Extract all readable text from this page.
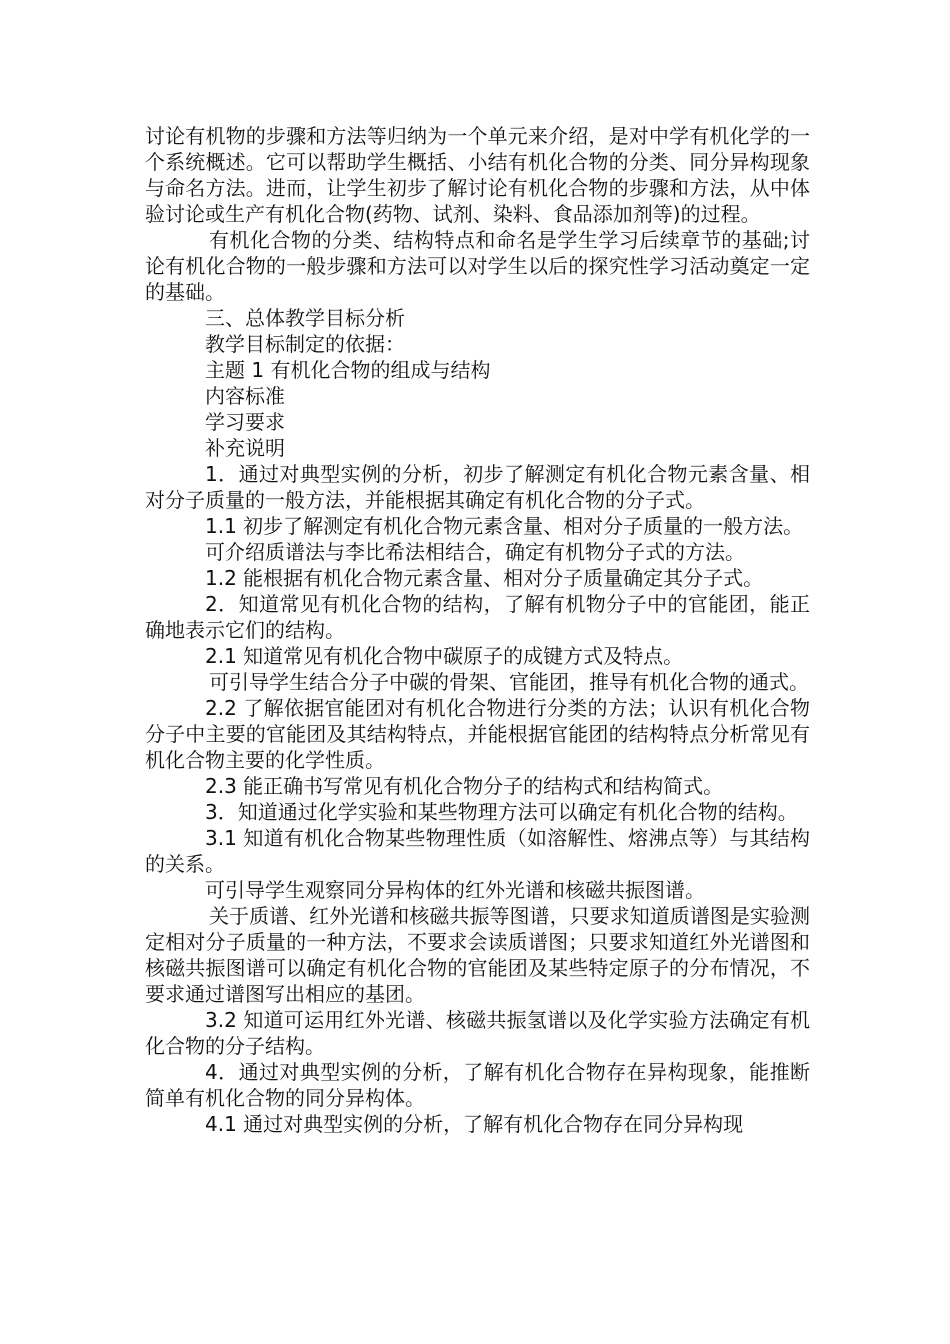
讨论有机物的步骤和方法等归纳为一个单元来介绍，是对中学有机化学的一个系统概述。它可以帮助学生概括、小结有机化合物的分类、同分异构现象与命名方法。进而，让学生初步了解讨论有机化合物的步骤和方法，从中体验讨论或生产有机化合物(药物、试剂、染料、食品添加剂等)的过程。

有机化合物的分类、结构特点和命名是学生学习后续章节的基础;讨论有机化合物的一般步骤和方法可以对学生以后的探究性学习活动奠定一定的基础。

三、总体教学目标分析

教学目标制定的依据：

主题 1 有机化合物的组成与结构

内容标准

学习要求

补充说明

1．通过对典型实例的分析，初步了解测定有机化合物元素含量、相对分子质量的一般方法，并能根据其确定有机化合物的分子式。

1.1 初步了解测定有机化合物元素含量、相对分子质量的一般方法。

可介绍质谱法与李比希法相结合，确定有机物分子式的方法。

1.2 能根据有机化合物元素含量、相对分子质量确定其分子式。

2．知道常见有机化合物的结构，了解有机物分子中的官能团，能正确地表示它们的结构。

2.1 知道常见有机化合物中碳原子的成键方式及特点。

可引导学生结合分子中碳的骨架、官能团，推导有机化合物的通式。

2.2 了解依据官能团对有机化合物进行分类的方法；认识有机化合物分子中主要的官能团及其结构特点，并能根据官能团的结构特点分析常见有机化合物主要的化学性质。

2.3 能正确书写常见有机化合物分子的结构式和结构简式。

3．知道通过化学实验和某些物理方法可以确定有机化合物的结构。

3.1 知道有机化合物某些物理性质（如溶解性、熔沸点等）与其结构的关系。

可引导学生观察同分异构体的红外光谱和核磁共振图谱。

关于质谱、红外光谱和核磁共振等图谱，只要求知道质谱图是实验测定相对分子质量的一种方法，不要求会读质谱图；只要求知道红外光谱图和核磁共振图谱可以确定有机化合物的官能团及某些特定原子的分布情况，不要求通过谱图写出相应的基团。

3.2 知道可运用红外光谱、核磁共振氢谱以及化学实验方法确定有机化合物的分子结构。

4．通过对典型实例的分析，了解有机化合物存在异构现象，能推断简单有机化合物的同分异构体。

4.1 通过对典型实例的分析，了解有机化合物存在同分异构现
